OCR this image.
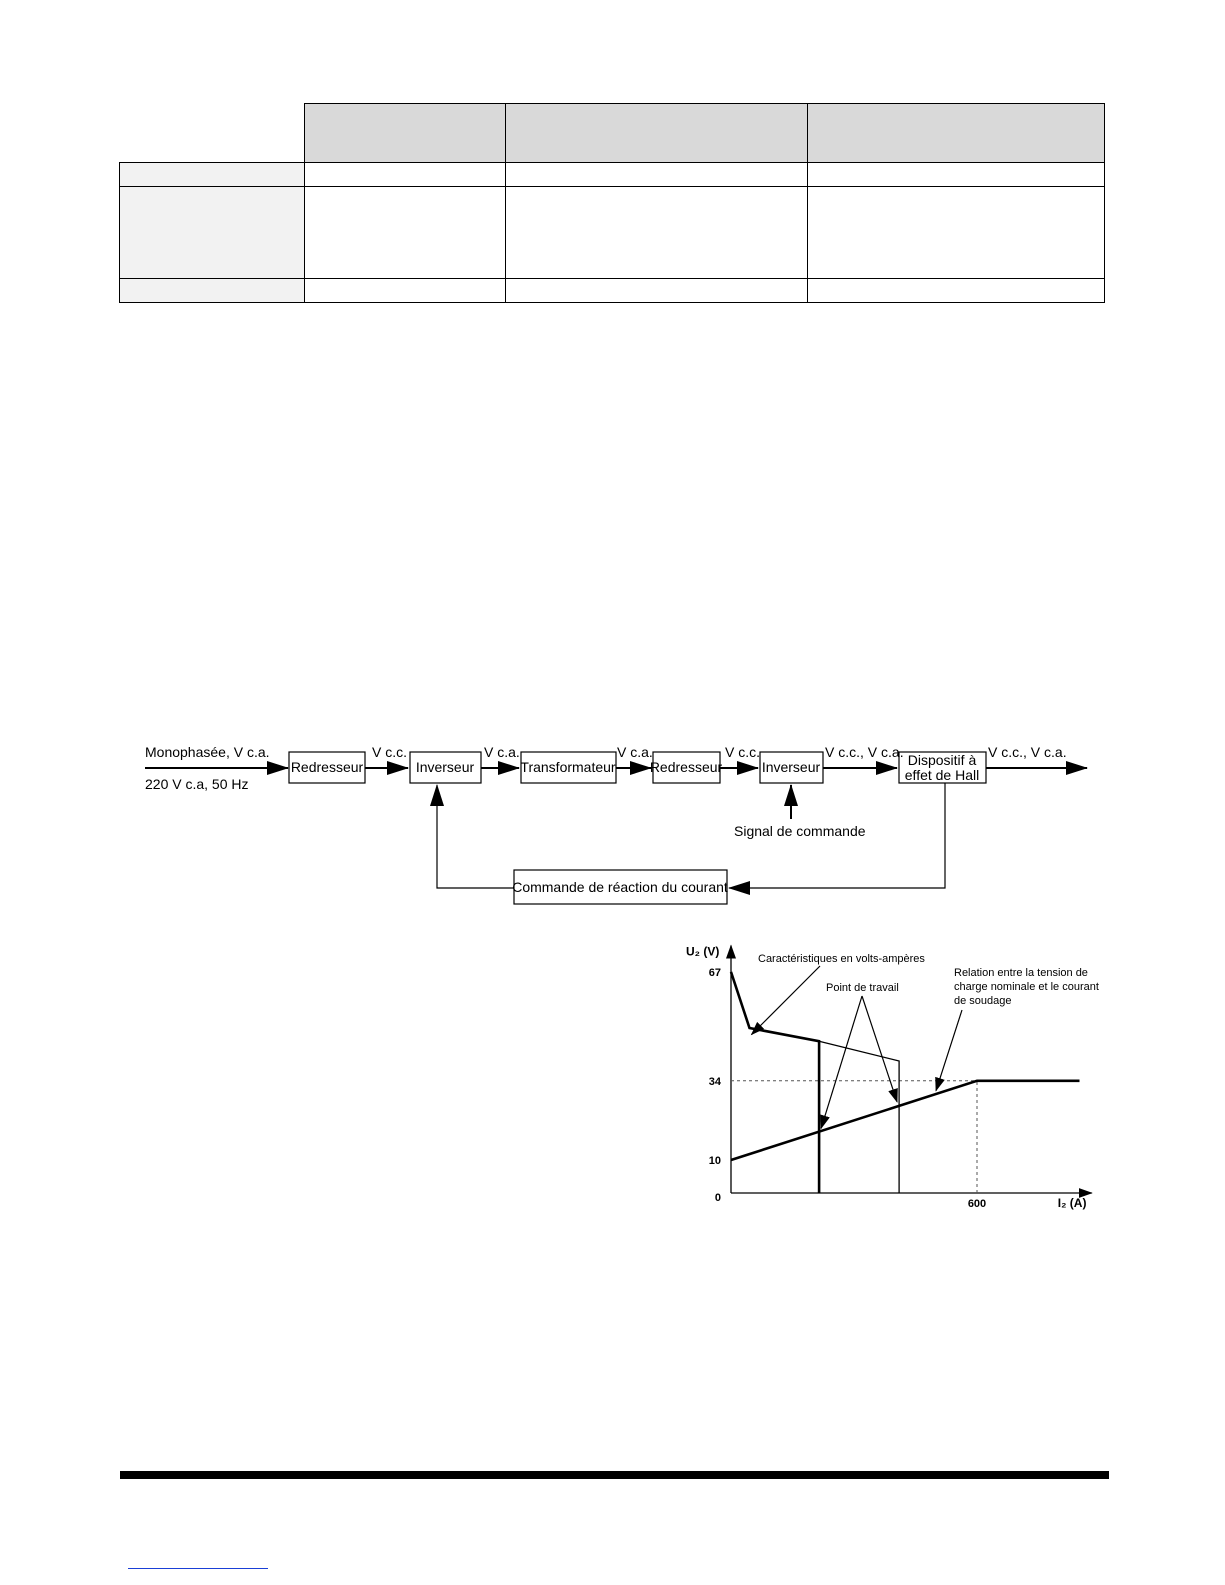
Monophasée, V c.a.
220 V c.a, 50 Hz
Redresseur	Inverseur	Transformateur Redresseur	Inverseur	Dispositif à
effet de Hall
Commande de réaction du courant
V c.c.	V c.a.	V c.a.	V c.c.	V c.c., V c.a.	V c.c., V c.a.
Signal de commande
67
34
10
0	600
U₂ (V)
I₂ (A)
Caractéristiques en volts-ampères
Point de travail
Relation entre la tension de
charge nominale et le courant
de soudage
